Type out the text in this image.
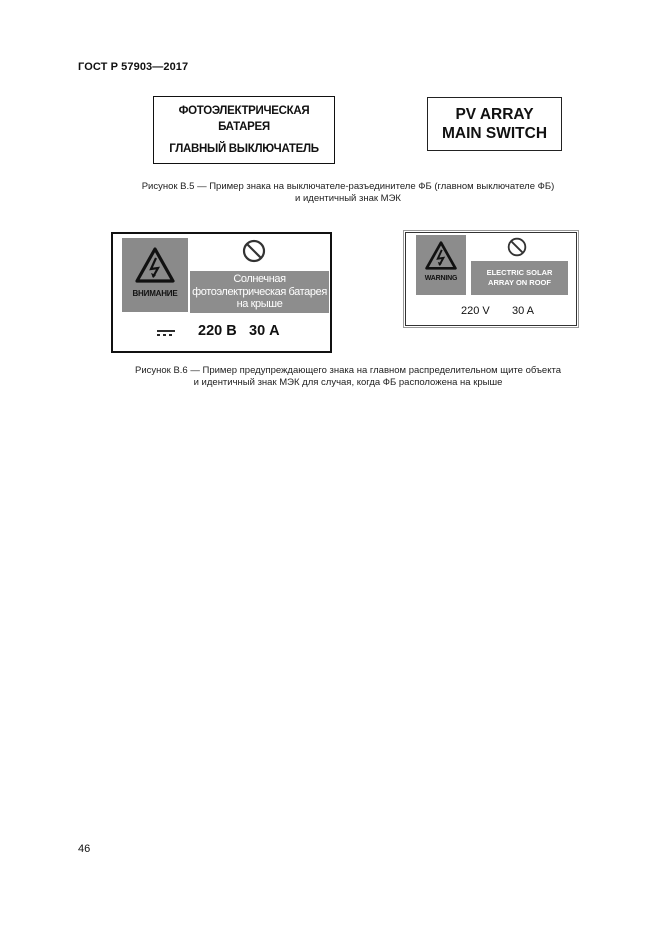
ГОСТ Р 57903—2017
ФОТОЭЛЕКТРИЧЕСКАЯ
БАТАРЕЯ
ГЛАВНЫЙ ВЫКЛЮЧАТЕЛЬ
PV ARRAY
MAIN SWITCH
Рисунок В.5 — Пример знака на выключателе-разъединителе ФБ (главном выключателе ФБ)
и идентичный знак МЭК
ВНИМАНИЕ
Солнечная
фотоэлектрическая батарея
на крыше
220 В 30 А
WARNING
ELECTRIC SOLAR
ARRAY ON ROOF
220 V 30 A
Рисунок В.6 — Пример предупреждающего знака на главном распределительном щите объекта
и идентичный знак МЭК для случая, когда ФБ расположена на крыше
46
